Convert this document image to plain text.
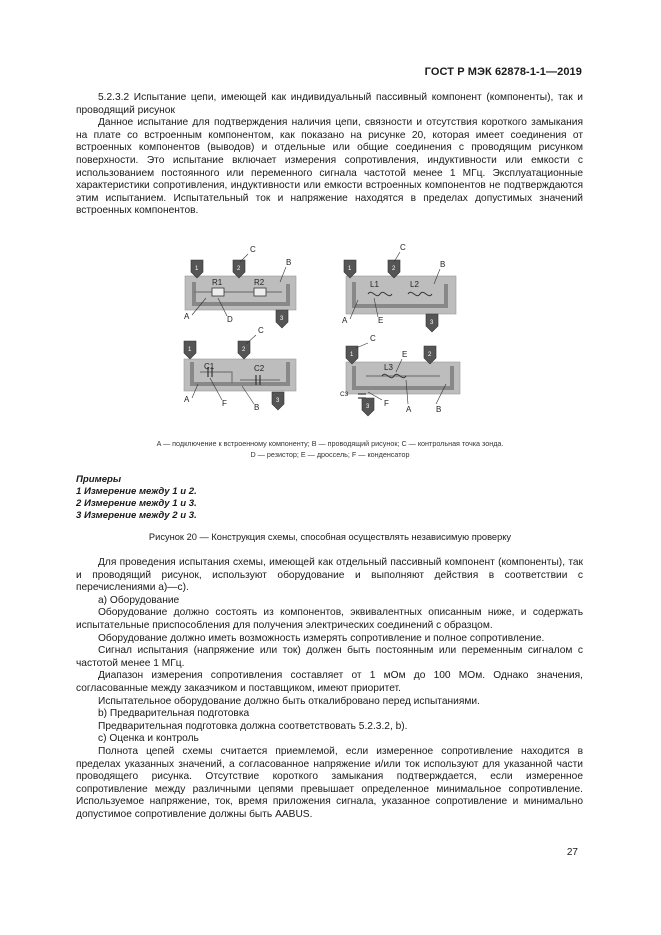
ГОСТ Р МЭК 62878-1-1—2019

5.2.3.2 Испытание цепи, имеющей как индивидуальный пассивный компонент (компоненты), так и проводящий рисунок

Данное испытание для подтверждения наличия цепи, связности и отсутствия короткого замыкания на плате со встроенным компонентом, как показано на рисунке 20, которая имеет соединения от встроенных компонентов (выводов) и отдельные или общие соединения с проводящим рисунком поверхности. Это испытание включает измерения сопротивления, индуктивности или емкости с использованием постоянного или переменного сигнала частотой менее 1 МГц. Эксплуатационные характеристики сопротивления, индуктивности или емкости встроенных компонентов не подтверждаются этим испытанием. Испытательный ток и напряжение находятся в пределах допустимых значений встроенных компонентов.

R1	R2
1	2
3
C
B
A	D
L1	L2
1	2
3
C
B
A	E
C1	C2
1	2
3
C
A	F	B
L3
C3
1	2
3
C
E
F
A	B
A — подключение к встроенному компоненту; B — проводящий рисунок; C — контрольная точка зонда.
D — резистор; E — дроссель; F — конденсатор
Примеры
1 Измерение между 1 и 2.
2 Измерение между 1 и 3.
3 Измерение между 2 и 3.
Рисунок 20 — Конструкция схемы, способная осуществлять независимую проверку

Для проведения испытания схемы, имеющей как отдельный пассивный компонент (компоненты), так и проводящий рисунок, используют оборудование и выполняют действия в соответствии с перечислениями а)—с).

а) Оборудование

Оборудование должно состоять из компонентов, эквивалентных описанным ниже, и содержать испытательные приспособления для получения электрических соединений с образцом.

Оборудование должно иметь возможность измерять сопротивление и полное сопротивление.

Сигнал испытания (напряжение или ток) должен быть постоянным или переменным сигналом с частотой менее 1 МГц.

Диапазон измерения сопротивления составляет от 1 мОм до 100 МОм. Однако значения, согласованные между заказчиком и поставщиком, имеют приоритет.

Испытательное оборудование должно быть откалибровано перед испытаниями.

b) Предварительная подготовка

Предварительная подготовка должна соответствовать 5.2.3.2, b).

с) Оценка и контроль

Полнота цепей схемы считается приемлемой, если измеренное сопротивление находится в пределах указанных значений, а согласованное напряжение и/или ток используют для указанной части проводящего рисунка. Отсутствие короткого замыкания подтверждается, если измеренное сопротивление между различными цепями превышает определенное минимальное сопротивление. Используемое напряжение, ток, время приложения сигнала, указанное сопротивление и минимально допустимое сопротивление должны быть AABUS.

27
